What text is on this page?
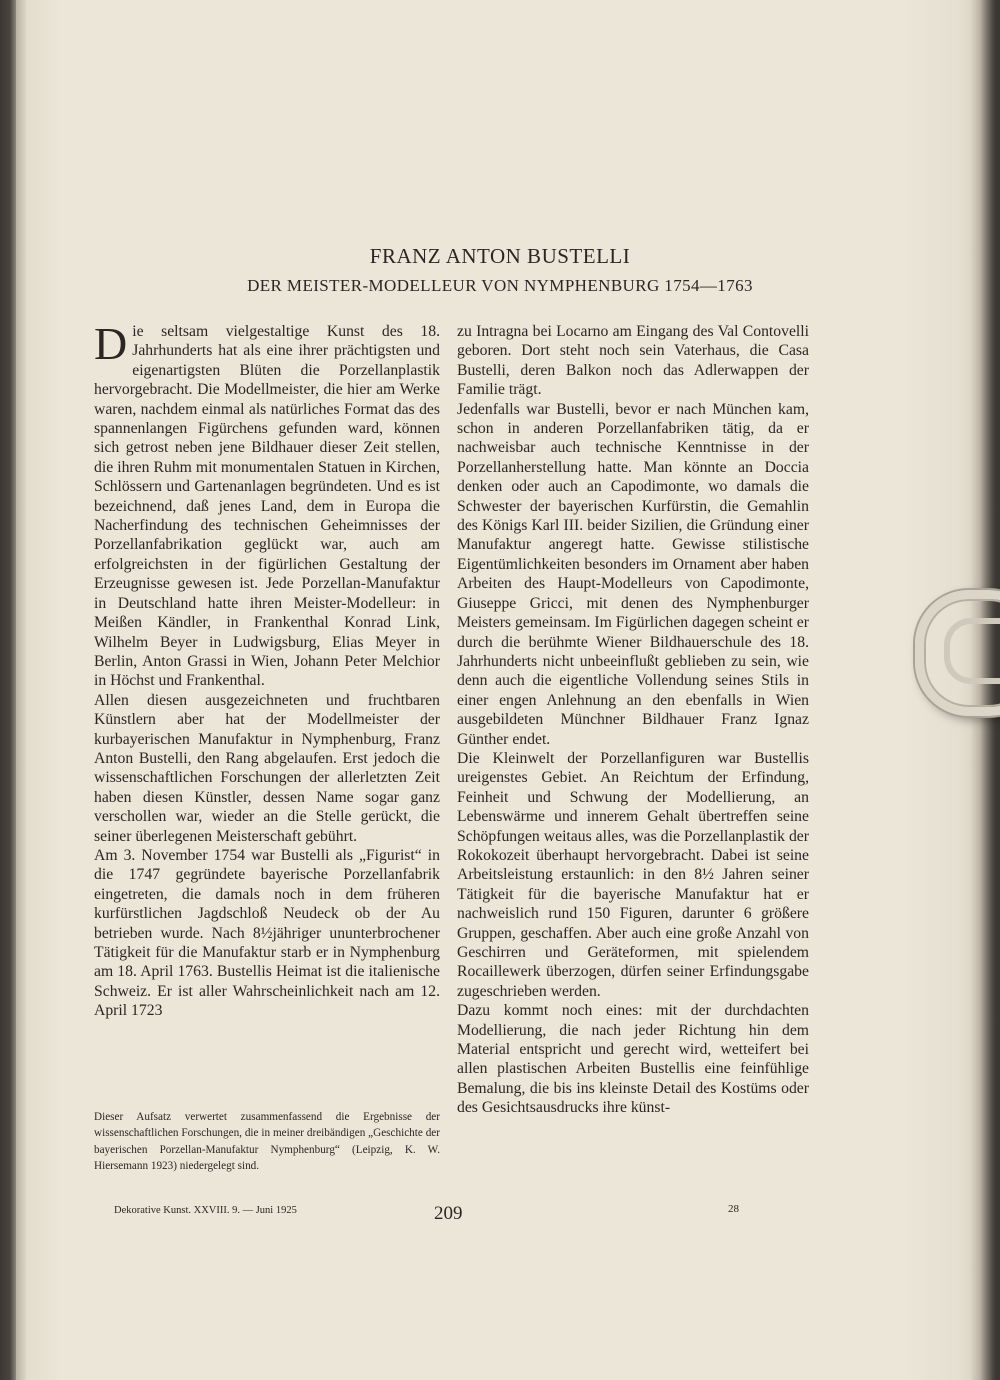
FRANZ ANTON BUSTELLI
DER MEISTER-MODELLEUR VON NYMPHENBURG 1754—1763

Die seltsam vielgestaltige Kunst des 18. Jahrhunderts hat als eine ihrer prächtigsten und eigenartigsten Blüten die Porzellanplastik hervorgebracht. Die Modellmeister, die hier am Werke waren, nachdem einmal als natürliches Format das des spannenlangen Figürchens gefunden ward, können sich getrost neben jene Bildhauer dieser Zeit stellen, die ihren Ruhm mit monumentalen Statuen in Kirchen, Schlössern und Gartenanlagen begründeten. Und es ist bezeichnend, daß jenes Land, dem in Europa die Nacherfindung des technischen Geheimnisses der Porzellanfabrikation geglückt war, auch am erfolgreichsten in der figürlichen Gestaltung der Erzeugnisse gewesen ist. Jede Porzellan-Manufaktur in Deutschland hatte ihren Meister-Modelleur: in Meißen Kändler, in Frankenthal Konrad Link, Wilhelm Beyer in Ludwigsburg, Elias Meyer in Berlin, Anton Grassi in Wien, Johann Peter Melchior in Höchst und Frankenthal.

Allen diesen ausgezeichneten und fruchtbaren Künstlern aber hat der Modellmeister der kurbayerischen Manufaktur in Nymphenburg, Franz Anton Bustelli, den Rang abgelaufen. Erst jedoch die wissenschaftlichen Forschungen der allerletzten Zeit haben diesen Künstler, dessen Name sogar ganz verschollen war, wieder an die Stelle gerückt, die seiner überlegenen Meisterschaft gebührt.

Am 3. November 1754 war Bustelli als „Figurist“ in die 1747 gegründete bayerische Porzellanfabrik eingetreten, die damals noch in dem früheren kurfürstlichen Jagdschloß Neudeck ob der Au betrieben wurde. Nach 8½jähriger ununterbrochener Tätigkeit für die Manufaktur starb er in Nymphenburg am 18. April 1763. Bustellis Heimat ist die italienische Schweiz. Er ist aller Wahrscheinlichkeit nach am 12. April 1723

zu Intragna bei Locarno am Eingang des Val Contovelli geboren. Dort steht noch sein Vaterhaus, die Casa Bustelli, deren Balkon noch das Adlerwappen der Familie trägt.

Jedenfalls war Bustelli, bevor er nach München kam, schon in anderen Porzellanfabriken tätig, da er nachweisbar auch technische Kenntnisse in der Porzellanherstellung hatte. Man könnte an Doccia denken oder auch an Capodimonte, wo damals die Schwester der bayerischen Kurfürstin, die Gemahlin des Königs Karl III. beider Sizilien, die Gründung einer Manufaktur angeregt hatte. Gewisse stilistische Eigentümlichkeiten besonders im Ornament aber haben Arbeiten des Haupt-Modelleurs von Capodimonte, Giuseppe Gricci, mit denen des Nymphenburger Meisters gemeinsam. Im Figürlichen dagegen scheint er durch die berühmte Wiener Bildhauerschule des 18. Jahrhunderts nicht unbeeinflußt geblieben zu sein, wie denn auch die eigentliche Vollendung seines Stils in einer engen Anlehnung an den ebenfalls in Wien ausgebildeten Münchner Bildhauer Franz Ignaz Günther endet.

Die Kleinwelt der Porzellanfiguren war Bustellis ureigenstes Gebiet. An Reichtum der Erfindung, Feinheit und Schwung der Modellierung, an Lebenswärme und innerem Gehalt übertreffen seine Schöpfungen weitaus alles, was die Porzellanplastik der Rokokozeit überhaupt hervorgebracht. Dabei ist seine Arbeitsleistung erstaunlich: in den 8½ Jahren seiner Tätigkeit für die bayerische Manufaktur hat er nachweislich rund 150 Figuren, darunter 6 größere Gruppen, geschaffen. Aber auch eine große Anzahl von Geschirren und Geräteformen, mit spielendem Rocaillewerk überzogen, dürfen seiner Erfindungsgabe zugeschrieben werden.

Dazu kommt noch eines: mit der durchdachten Modellierung, die nach jeder Richtung hin dem Material entspricht und gerecht wird, wetteifert bei allen plastischen Arbeiten Bustellis eine feinfühlige Bemalung, die bis ins kleinste Detail des Kostüms oder des Gesichtsausdrucks ihre künst-

Dieser Aufsatz verwertet zusammenfassend die Ergebnisse der wissenschaftlichen Forschungen, die in meiner dreibändigen „Geschichte der bayerischen Porzellan-Manufaktur Nymphenburg“ (Leipzig, K. W. Hiersemann 1923) niedergelegt sind.
Dekorative Kunst. XXVIII. 9. — Juni 1925	209	28
